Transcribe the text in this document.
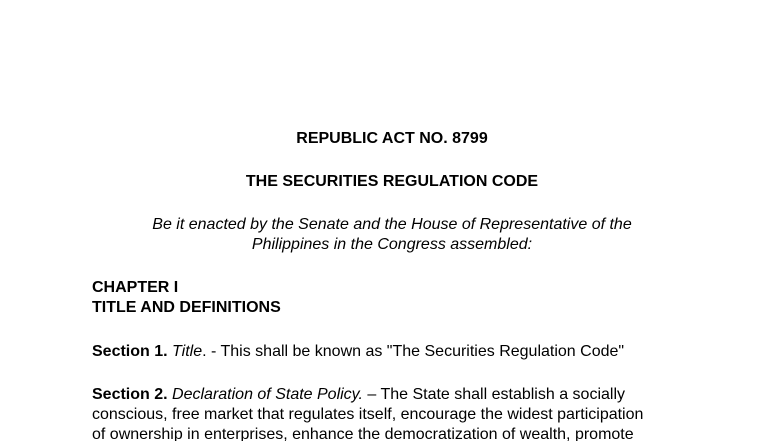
REPUBLIC ACT NO. 8799
THE SECURITIES REGULATION CODE
Be it enacted by the Senate and the House of Representative of the
Philippines in the Congress assembled:
CHAPTER I
TITLE AND DEFINITIONS
Section 1. Title. - This shall be known as "The Securities Regulation Code"
Section 2. Declaration of State Policy. – The State shall establish a socially
conscious, free market that regulates itself, encourage the widest participation
of ownership in enterprises, enhance the democratization of wealth, promote
